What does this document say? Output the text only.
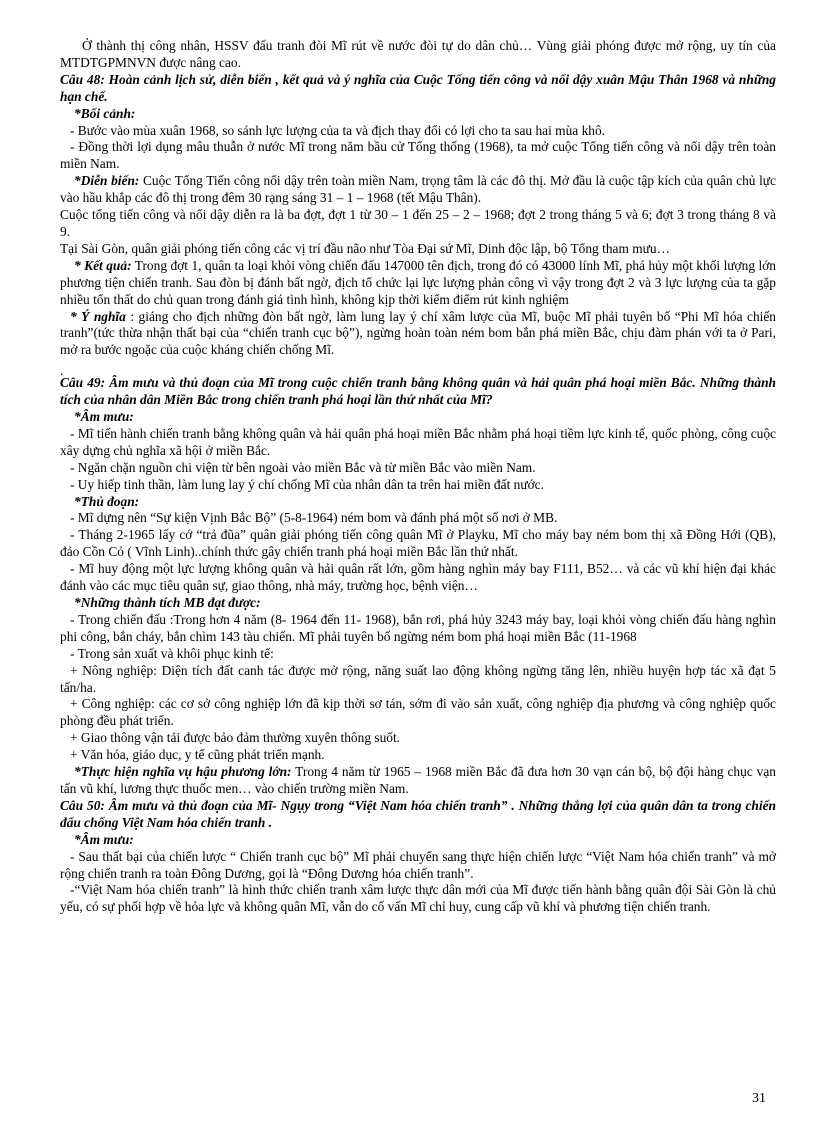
Ở thành thị công nhân, HSSV đấu tranh đòi Mĩ rút về nước đòi tự do dân chủ… Vùng giải phóng được mở rộng, uy tín của MTDTGPMNVN được nâng cao.

Câu 48: Hoàn cảnh lịch sử, diễn biến , kết quả và ý nghĩa của Cuộc Tổng tiến công và nổi dậy xuân Mậu Thân 1968 và những hạn chế.

*Bối cảnh:

- Bước vào mùa xuân 1968, so sánh lực lượng của ta và địch thay đổi có lợi cho ta sau hai mùa khô.

- Đồng thời lợi dụng mâu thuẫn ở nước Mĩ trong năm bầu cử Tổng thống (1968), ta mở cuộc Tổng tiến công và nổi dậy trên toàn miền Nam.

*Diễn biến: Cuộc Tổng Tiến công nổi dậy trên toàn miền Nam, trọng tâm là các đô thị. Mở đầu là cuộc tập kích của quân chủ lực vào hầu khắp các đô thị trong đêm 30 rạng sáng 31 – 1 – 1968 (tết Mậu Thân).

Cuộc tổng tiến công và nổi dậy diễn ra là ba đợt, đợt 1 từ 30 – 1 đến 25 – 2 – 1968; đợt 2 trong tháng 5 và 6; đợt 3 trong tháng 8 và 9.

Tại Sài Gòn, quân giải phóng tiến công các vị trí đầu não như Tòa Đại sứ Mĩ, Dinh độc lập, bộ Tổng tham mưu…

* Kết quả: Trong đợt 1, quân ta loại khỏi vòng chiến đấu 147000 tên địch, trong đó có 43000 lính Mĩ, phá hủy một khối lượng lớn phương tiện chiến tranh. Sau đòn bị đánh bất ngờ, địch tổ chức lại lực lượng phản công vì vậy trong đợt 2 và 3 lực lượng của ta gặp nhiều tổn thất do chủ quan trong đánh giá tình hình, không kịp thời kiểm điểm rút kinh nghiệm

* Ý nghĩa : giáng cho địch những đòn bất ngờ, làm lung lay ý chí xâm lược của Mĩ, buộc Mĩ phải tuyên bố “Phi Mĩ hóa chiến tranh”(tức thừa nhận thất bại của “chiến tranh cục bộ”), ngừng hoàn toàn ném bom bắn phá miền Bắc, chịu đàm phán với ta ở Pari, mở ra bước ngoặc của cuộc kháng chiến chống Mĩ.

.

Câu 49: Âm mưu và thủ đoạn của Mĩ trong cuộc chiến tranh bằng không quân và hải quân phá hoại miền Bắc. Những thành tích của nhân dân Miền Bắc trong chiến tranh phá hoại lần thứ nhất của Mĩ?

*Âm mưu:

- Mĩ tiến hành chiến tranh bằng không quân và hải quân phá hoại miền Bắc nhằm phá hoại tiềm lực kinh tế, quốc phòng, công cuộc xây dựng chủ nghĩa xã hội ở miền Bắc.

- Ngăn chặn nguồn chi viện từ bên ngoài vào miền Bắc và từ miền Bắc vào miền Nam.

- Uy hiếp tinh thần, làm lung lay ý chí chống Mĩ của nhân dân ta trên hai miền đất nước.

*Thủ đoạn:

- Mĩ dựng nên “Sự kiện Vịnh Bắc Bộ” (5-8-1964) ném bom và đánh phá một số nơi ở MB.

- Tháng 2-1965 lấy cớ “trả đũa” quân giải phóng tiến công quân Mĩ ở Playku, Mĩ cho máy bay ném bom thị xã Đồng Hới (QB), đảo Cồn Cỏ ( Vĩnh Linh)..chính thức gây chiến tranh phá hoại miền Bắc lần thứ nhất.

- Mĩ huy động một lực lượng không quân và hải quân rất lớn, gồm hàng nghìn máy bay F111, B52… và các vũ khí hiện đại khác đánh vào các mục tiêu quân sự, giao thông, nhà máy, trường học, bệnh viện…

*Những thành tích MB đạt được:

- Trong chiến đấu :Trong hơn 4 năm (8- 1964 đến 11- 1968), bắn rơi, phá hủy 3243 máy bay, loại khỏi vòng chiến đấu hàng nghìn phi công, bắn cháy, bắn chìm 143 tàu chiến. Mĩ phải tuyên bố ngừng ném bom phá hoại miền Bắc (11-1968

- Trong sản xuất và khôi phục kinh tế:

+ Nông nghiệp: Diện tích đất canh tác được mở rộng, năng suất lao động không ngừng tăng lên, nhiều huyện hợp tác xã đạt 5 tấn/ha.

+ Công nghiệp: các cơ sở công nghiệp lớn đã kịp thời sơ tán, sớm đi vào sản xuất, công nghiệp địa phương và công nghiệp quốc phòng đều phát triển.

+ Giao thông vận tải được bảo đảm thường xuyên thông suốt.

+ Văn hóa, giáo dục, y tế cũng phát triển mạnh.

*Thực hiện nghĩa vụ hậu phương lớn: Trong 4 năm từ 1965 – 1968 miền Bắc đã đưa hơn 30 vạn cán bộ, bộ đội hàng chục vạn tấn vũ khí, lương thực thuốc men… vào chiến trường miền Nam.

Câu 50: Âm mưu và thủ đoạn của Mĩ- Ngụy trong “Việt Nam hóa chiến tranh” . Những thắng lợi của quân dân ta trong chiến đấu chống Việt Nam hóa chiến tranh .

*Âm mưu:

- Sau thất bại của chiến lược “ Chiến tranh cục bộ” Mĩ phải chuyển sang thực hiện chiến lược “Việt Nam hóa chiến tranh” và mở rộng chiến tranh ra toàn Đông Dương, gọi là “Đông Dương hóa chiến tranh”.

-“Việt Nam hóa chiến tranh” là hình thức chiến tranh xâm lược thực dân mới của Mĩ được tiến hành bằng quân đội Sài Gòn là chủ yếu, có sự phối hợp về hỏa lực và không quân Mĩ, vẫn do cố vấn Mĩ chỉ huy, cung cấp vũ khí và phương tiện chiến tranh.

31
